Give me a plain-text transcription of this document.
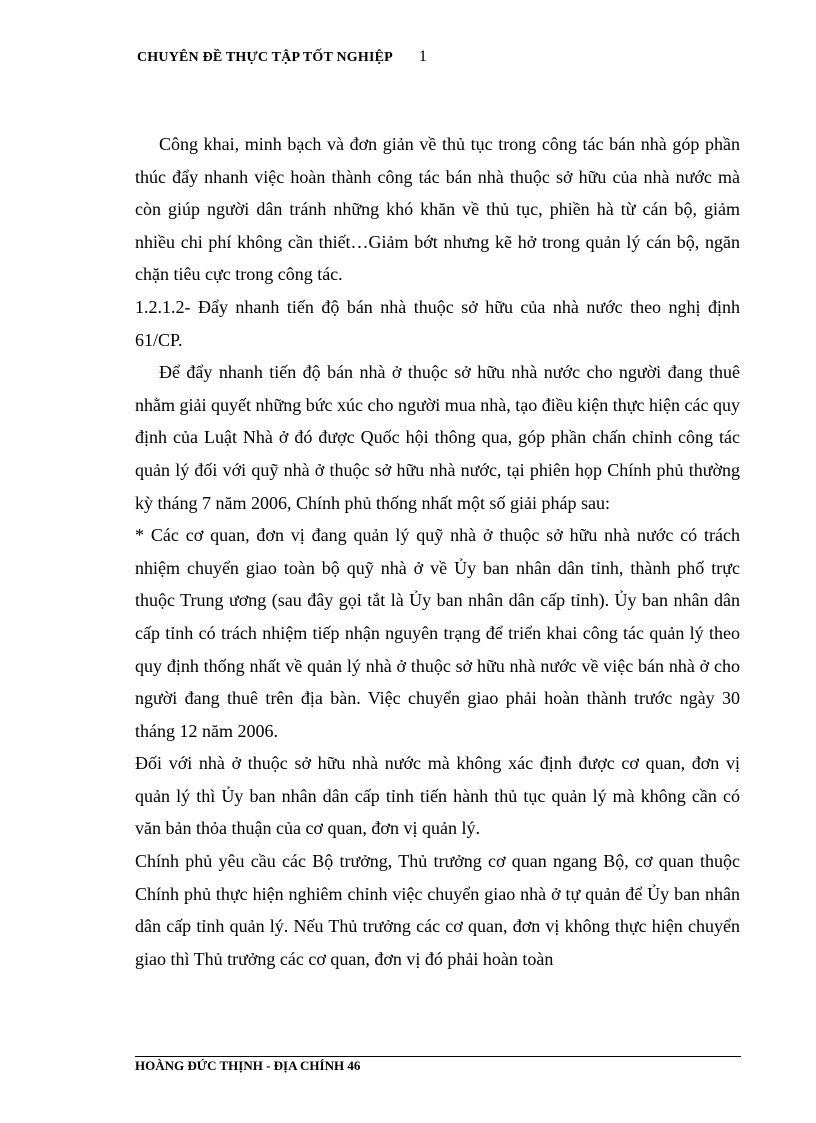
CHUYÊN ĐỀ THỰC TẬP TỐT NGHIỆP 1

Công khai, minh bạch và đơn giản về thủ tục trong công tác bán nhà góp phần thúc đẩy nhanh việc hoàn thành công tác bán nhà thuộc sở hữu của nhà nước mà còn giúp người dân tránh những khó khăn về thủ tục, phiền hà từ cán bộ, giảm nhiều chi phí không cần thiết…Giảm bớt nhưng kẽ hở trong quản lý cán bộ, ngăn chặn tiêu cực trong công tác.

1.2.1.2- Đẩy nhanh tiến độ bán nhà thuộc sở hữu của nhà nước theo nghị định 61/CP.

Để đẩy nhanh tiến độ bán nhà ở thuộc sở hữu nhà nước cho người đang thuê nhằm giải quyết những bức xúc cho người mua nhà, tạo điều kiện thực hiện các quy định của Luật Nhà ở đó được Quốc hội thông qua, góp phần chấn chỉnh công tác quản lý đối với quỹ nhà ở thuộc sở hữu nhà nước, tại phiên họp Chính phủ thường kỳ tháng 7 năm 2006, Chính phủ thống nhất một số giải pháp sau:

* Các cơ quan, đơn vị đang quản lý quỹ nhà ở thuộc sở hữu nhà nước có trách nhiệm chuyển giao toàn bộ quỹ nhà ở về Ủy ban nhân dân tỉnh, thành phố trực thuộc Trung ương (sau đây gọi tắt là Ủy ban nhân dân cấp tỉnh). Ủy ban nhân dân cấp tỉnh có trách nhiệm tiếp nhận nguyên trạng để triển khai công tác quản lý theo quy định thống nhất về quản lý nhà ở thuộc sở hữu nhà nước về việc bán nhà ở cho người đang thuê trên địa bàn. Việc chuyển giao phải hoàn thành trước ngày 30 tháng 12 năm 2006.

Đối với nhà ở thuộc sở hữu nhà nước mà không xác định được cơ quan, đơn vị quản lý thì Ủy ban nhân dân cấp tỉnh tiến hành thủ tục quản lý mà không cần có văn bản thỏa thuận của cơ quan, đơn vị quản lý.

Chính phủ yêu cầu các Bộ trưởng, Thủ trưởng cơ quan ngang Bộ, cơ quan thuộc Chính phủ thực hiện nghiêm chỉnh việc chuyển giao nhà ở tự quản để Ủy ban nhân dân cấp tỉnh quản lý. Nếu Thủ trưởng các cơ quan, đơn vị không thực hiện chuyển giao thì Thủ trưởng các cơ quan, đơn vị đó phải hoàn toàn

HOÀNG ĐỨC THỊNH - ĐỊA CHÍNH 46
